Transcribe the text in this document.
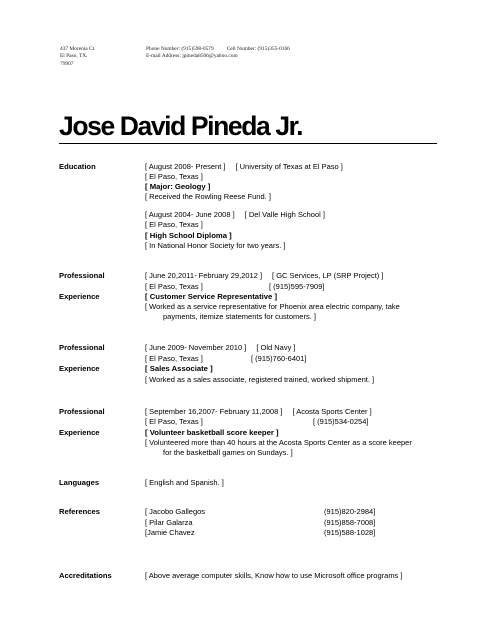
437 Morenia Ct.
El Paso, TX.
79907
Phone Number: (915)598-0579 Cell Number: (915)355-0166
E-mail Address: jpineda8506@yahoo.com
Jose David Pineda Jr.
Education	[ August 2008- Present ] [ University of Texas at El Paso ]
[ El Paso, Texas ]
[ Major: Geology ]
[ Received the Rowling Reese Fund. ]
[ August 2004- June 2008 ] [ Del Valle High School ]
[ El Paso, Texas ]
[ High School Diploma ]
[ In National Honor Society for two years. ]
Professional
Experience
[ June 20,2011- February 29,2012 ] [ GC Services, LP (SRP Project) ]
[ El Paso, Texas ]	[ (915)595-7909]
[ Customer Service Representative ]
[ Worked as a service representative for Phoenix area electric company, take
payments, itemize statements for customers. ]
Professional
Experience
[ June 2009- November 2010 ] [ Old Navy ]
[ El Paso, Texas ]	[ (915)760-6401]
[ Sales Associate ]
[ Worked as a sales associate, registered trained, worked shipment. ]
Professional
Experience
[ September 16,2007- February 11,2008 ] [ Acosta Sports Center ]
[ El Paso, Texas ]	[ (915)534-0254]
[ Volunteer basketball score keeper ]
[ Volunteered more than 40 hours at the Acosta Sports Center as a score keeper
for the basketball games on Sundays. ]
Languages	[ English and Spanish. ]
References	[ Jacobo Gallegos	(915)820-2984]
[ Pilar Galarza	(915)858-7008]
[Jamie Chavez	(915)588-1028]
Accreditations	[ Above average computer skills, Know how to use Microsoft office programs ]
